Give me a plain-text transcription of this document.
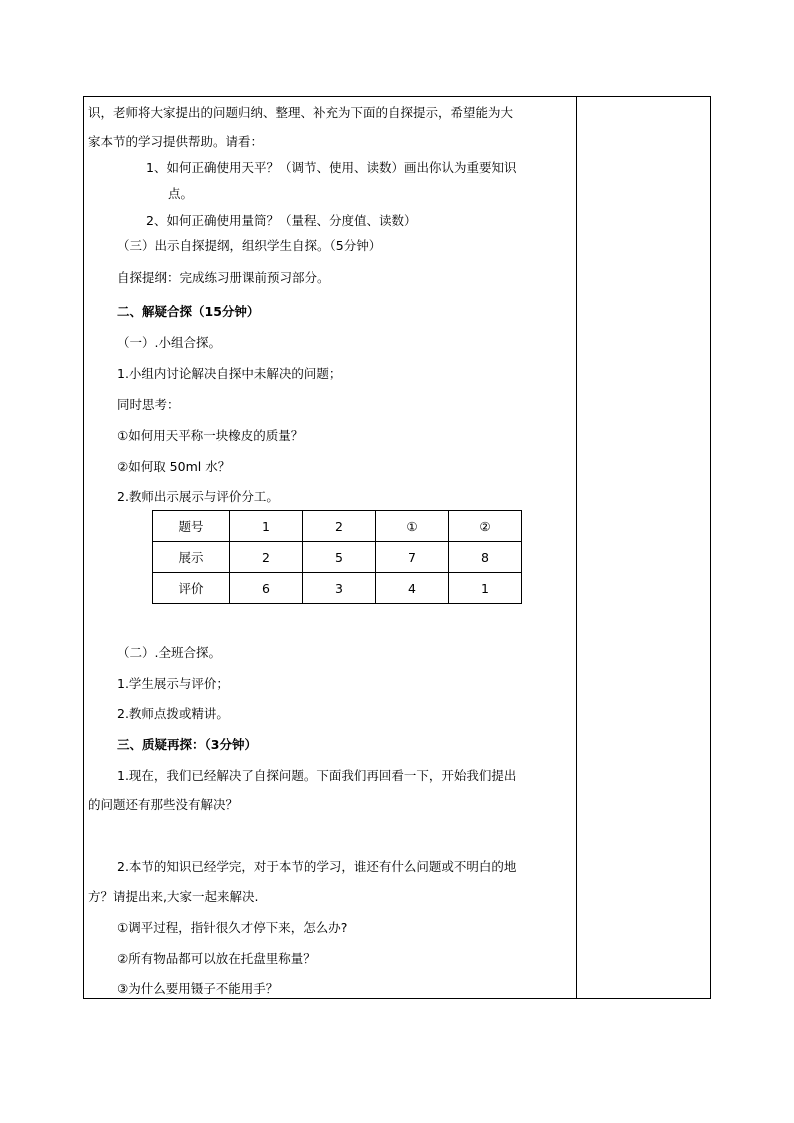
识，老师将大家提出的问题归纳、整理、补充为下面的自探提示，希望能为大
家本节的学习提供帮助。请看：
1、如何正确使用天平？（调节、使用、读数）画出你认为重要知识
点。
2、如何正确使用量筒？（量程、分度值、读数）
（三）出示自探提纲，组织学生自探。（5分钟）
自探提纲：完成练习册课前预习部分。
二、解疑合探（15分钟）
（一）.小组合探。
1.小组内讨论解决自探中未解决的问题；
同时思考：
①如何用天平称一块橡皮的质量？
②如何取 50ml 水？
2.教师出示展示与评价分工。
题号	1	2	①	②
展示	2	5	7	8
评价	6	3	4	1
（二）.全班合探。
1.学生展示与评价；
2.教师点拨或精讲。
三、质疑再探：（3分钟）
1.现在，我们已经解决了自探问题。下面我们再回看一下，开始我们提出
的问题还有那些没有解决？
2.本节的知识已经学完，对于本节的学习，谁还有什么问题或不明白的地
方？请提出来,大家一起来解决.
①调平过程，指针很久才停下来，怎么办?
②所有物品都可以放在托盘里称量？
③为什么要用镊子不能用手？
